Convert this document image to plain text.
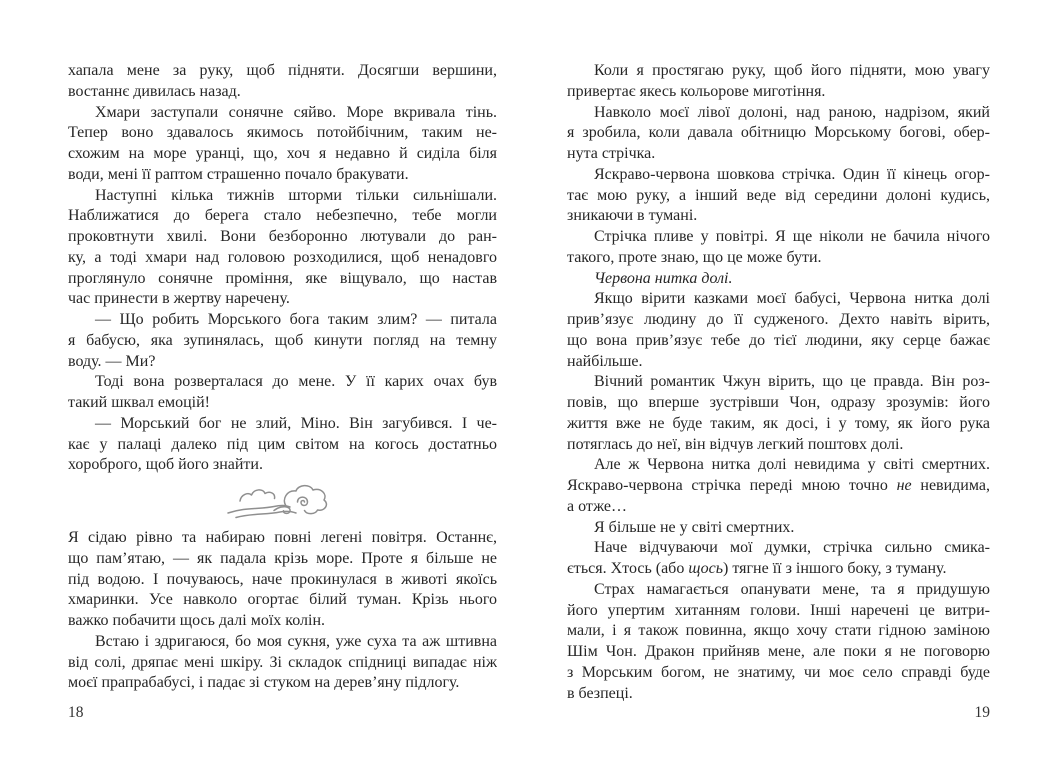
хапала мене за руку, щоб підняти. Досягши вершини,
востаннє дивилась назад.
Хмари заступали сонячне сяйво. Море вкривала тінь.
Тепер воно здавалось якимось потойбічним, таким не-
схожим на море уранці, що, хоч я недавно й сиділа біля
води, мені її раптом страшенно почало бракувати.
Наступні кілька тижнів шторми тільки сильнішали.
Наближатися до берега стало небезпечно, тебе могли
проковтнути хвилі. Вони безборонно лютували до ран-
ку, а тоді хмари над головою розходилися, щоб ненадовго
проглянуло сонячне проміння, яке віщувало, що настав
час принести в жертву наречену.
— Що робить Морського бога таким злим? — питала
я бабусю, яка зупинялась, щоб кинути погляд на темну
воду. — Ми?
Тоді вона розверталася до мене. У її карих очах був
такий шквал емоцій!
— Морський бог не злий, Міно. Він загубився. І че-
кає у палаці далеко під цим світом на когось достатньо
хороброго, щоб його знайти.
Я сідаю рівно та набираю повні легені повітря. Останнє,
що пам’ятаю, — як падала крізь море. Проте я більше не
під водою. І почуваюсь, наче прокинулася в животі якоїсь
хмаринки. Усе навколо огортає білий туман. Крізь нього
важко побачити щось далі моїх колін.
Встаю і здригаюся, бо моя сукня, уже суха та аж штивна
від солі, дряпає мені шкіру. Зі складок спідниці випадає ніж
моєї прапрабабусі, і падає зі стуком на дерев’яну підлогу.
Коли я простягаю руку, щоб його підняти, мою увагу
привертає якесь кольорове миготіння.
Навколо моєї лівої долоні, над раною, надрізом, який
я зробила, коли давала обітницю Морському богові, обер-
нута стрічка.
Яскраво-червона шовкова стрічка. Один її кінець огор-
тає мою руку, а інший веде від середини долоні кудись,
зникаючи в тумані.
Стрічка пливе у повітрі. Я ще ніколи не бачила нічого
такого, проте знаю, що це може бути.
Червона нитка долі.
Якщо вірити казками моєї бабусі, Червона нитка долі
прив’язує людину до її судженого. Дехто навіть вірить,
що вона прив’язує тебе до тієї людини, яку серце бажає
найбільше.
Вічний романтик Чжун вірить, що це правда. Він роз-
повів, що вперше зустрівши Чон, одразу зрозумів: його
життя вже не буде таким, як досі, і у тому, як його рука
потяглась до неї, він відчув легкий поштовх долі.
Але ж Червона нитка долі невидима у світі смертних.
Яскраво-червона стрічка переді мною точно не невидима,
а отже…
Я більше не у світі смертних.
Наче відчуваючи мої думки, стрічка сильно смика-
ється. Хтось (або щось) тягне її з іншого боку, з туману.
Страх намагається опанувати мене, та я придушую
його упертим хитанням голови. Інші наречені це витри-
мали, і я також повинна, якщо хочу стати гідною заміною
Шім Чон. Дракон прийняв мене, але поки я не поговорю
з Морським богом, не знатиму, чи моє село справді буде
в безпеці.
18	19
